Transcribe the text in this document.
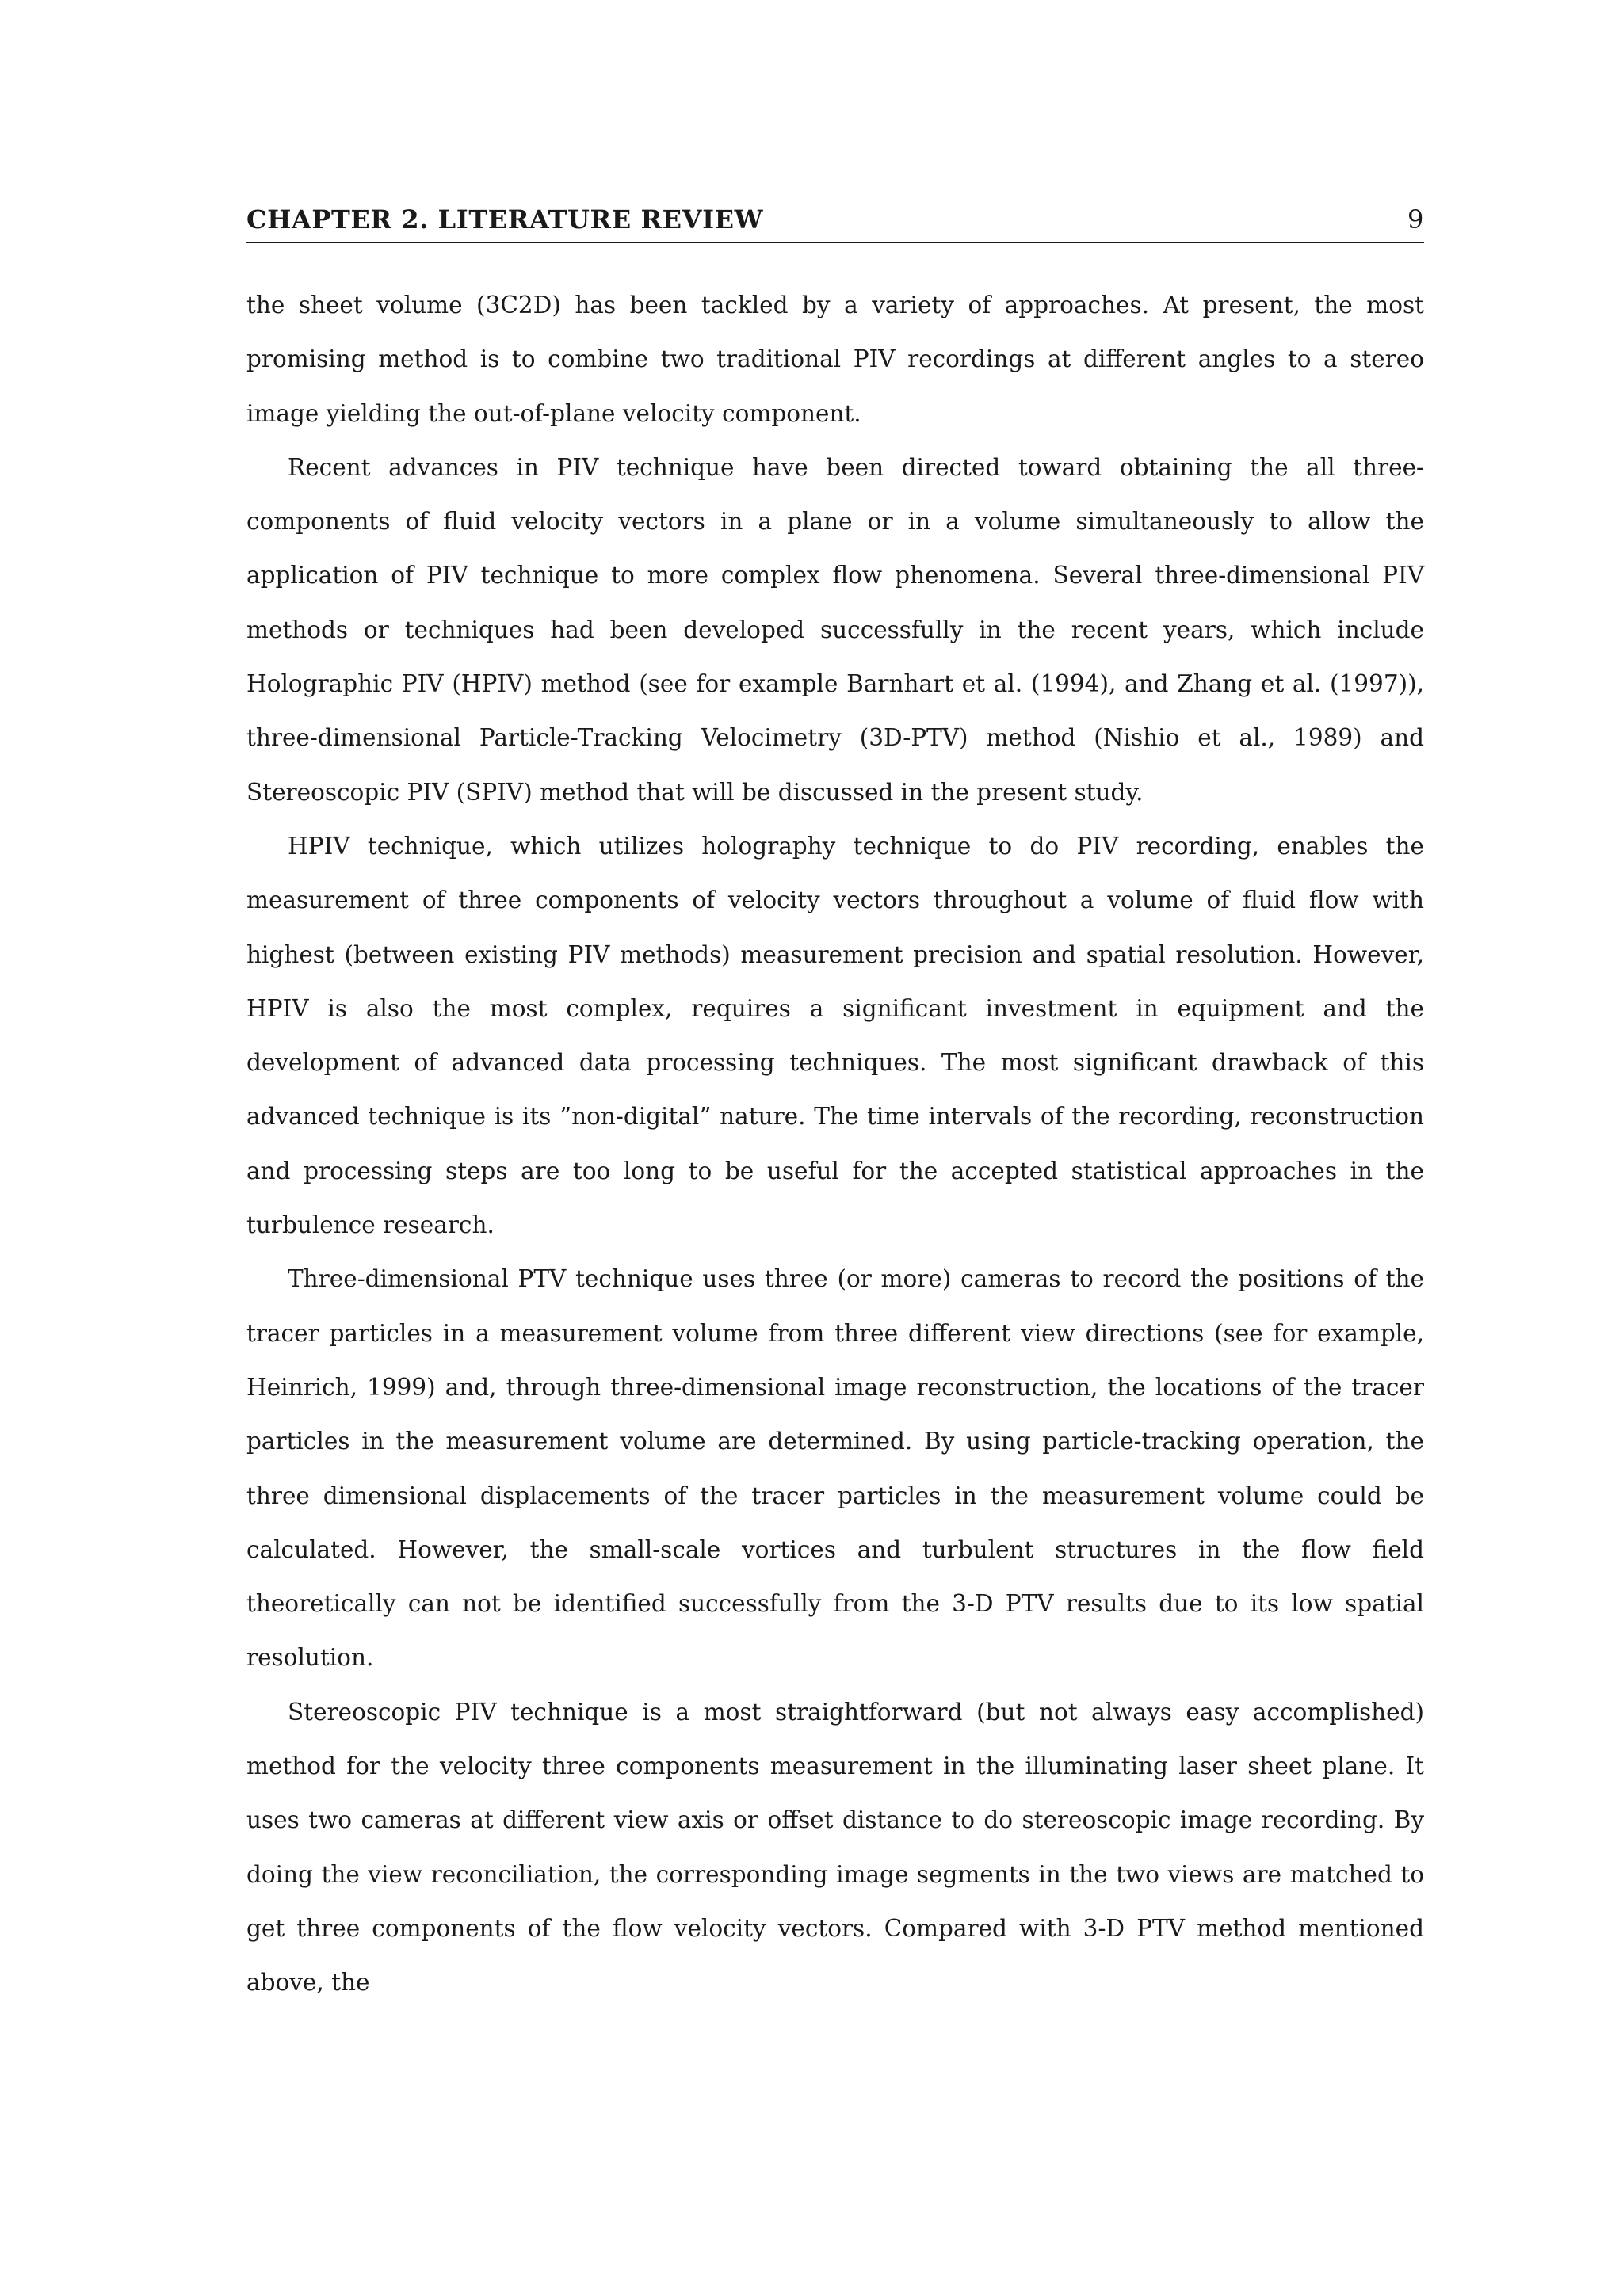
CHAPTER 2. LITERATURE REVIEW	9

the sheet volume (3C2D) has been tackled by a variety of approaches. At present, the most promising method is to combine two traditional PIV recordings at different angles to a stereo image yielding the out-of-plane velocity component.

Recent advances in PIV technique have been directed toward obtaining the all three-components of fluid velocity vectors in a plane or in a volume simultaneously to allow the application of PIV technique to more complex flow phenomena. Several three-dimensional PIV methods or techniques had been developed successfully in the recent years, which include Holographic PIV (HPIV) method (see for example Barnhart et al. (1994), and Zhang et al. (1997)), three-dimensional Particle-Tracking Velocimetry (3D-PTV) method (Nishio et al., 1989) and Stereoscopic PIV (SPIV) method that will be discussed in the present study.

HPIV technique, which utilizes holography technique to do PIV recording, enables the measurement of three components of velocity vectors throughout a volume of fluid flow with highest (between existing PIV methods) measurement precision and spatial resolution. However, HPIV is also the most complex, requires a significant investment in equipment and the development of advanced data processing techniques. The most significant drawback of this advanced technique is its ”non-digital” nature. The time intervals of the recording, reconstruction and processing steps are too long to be useful for the accepted statistical approaches in the turbulence research.

Three-dimensional PTV technique uses three (or more) cameras to record the positions of the tracer particles in a measurement volume from three different view directions (see for example, Heinrich, 1999) and, through three-dimensional image reconstruction, the locations of the tracer particles in the measurement volume are determined. By using particle-tracking operation, the three dimensional displacements of the tracer particles in the measurement volume could be calculated. However, the small-scale vortices and turbulent structures in the flow field theoretically can not be identified successfully from the 3-D PTV results due to its low spatial resolution.

Stereoscopic PIV technique is a most straightforward (but not always easy accomplished) method for the velocity three components measurement in the illuminating laser sheet plane. It uses two cameras at different view axis or offset distance to do stereoscopic image recording. By doing the view reconciliation, the corresponding image segments in the two views are matched to get three components of the flow velocity vectors. Compared with 3-D PTV method mentioned above, the
